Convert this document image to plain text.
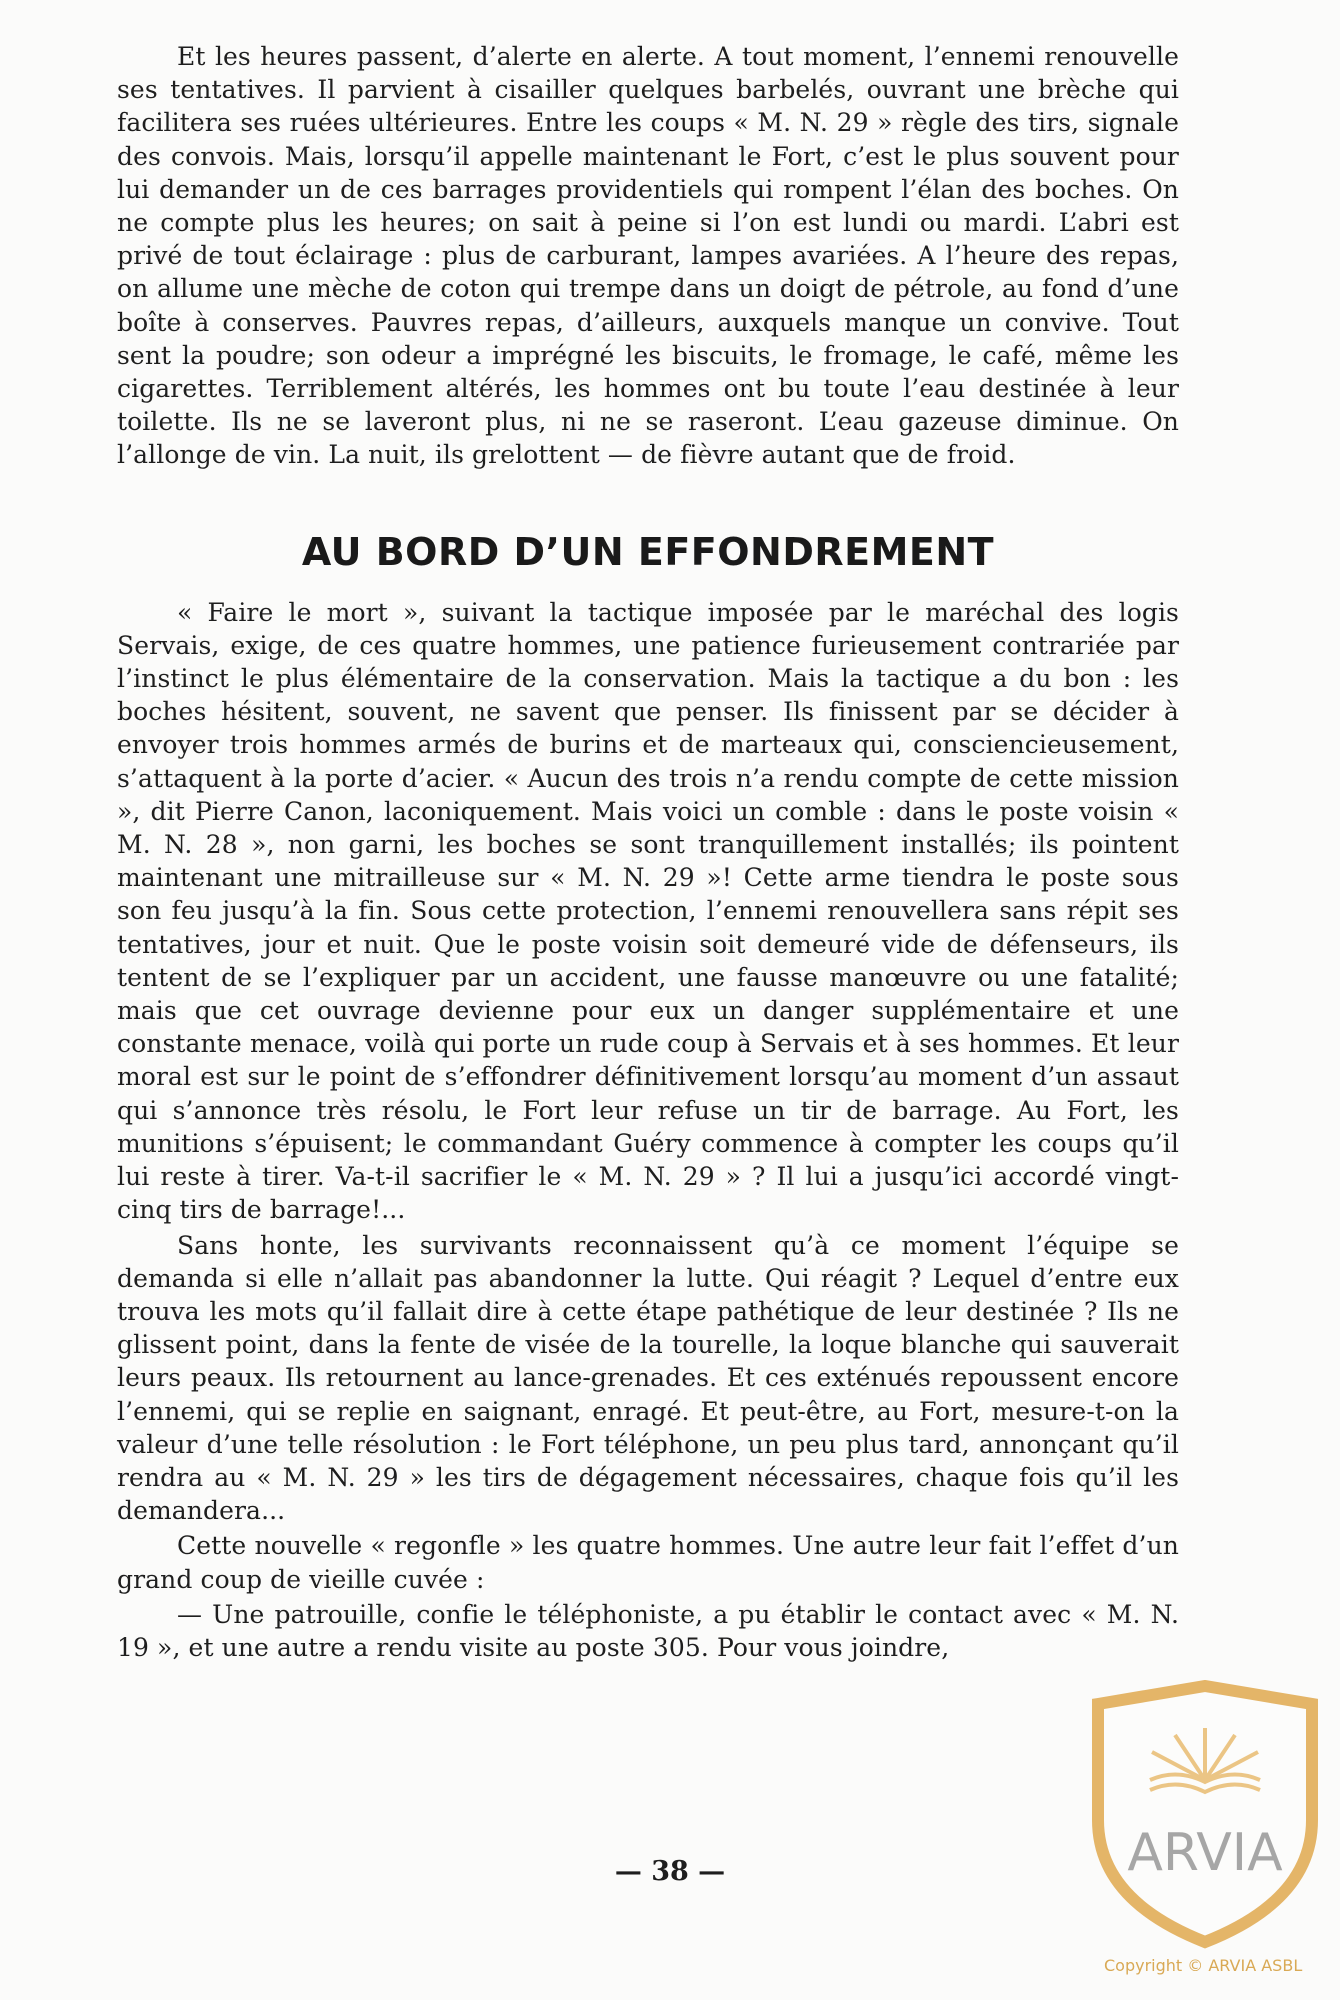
Et les heures passent, d’alerte en alerte. A tout moment, l’ennemi renouvelle ses tentatives. Il parvient à cisailler quelques barbelés, ouvrant une brèche qui facilitera ses ruées ultérieures. Entre les coups « M. N. 29 » règle des tirs, signale des convois. Mais, lorsqu’il appelle maintenant le Fort, c’est le plus souvent pour lui demander un de ces barrages providentiels qui rompent l’élan des boches. On ne compte plus les heures; on sait à peine si l’on est lundi ou mardi. L’abri est privé de tout éclairage : plus de carburant, lampes avariées. A l’heure des repas, on allume une mèche de coton qui trempe dans un doigt de pétrole, au fond d’une boîte à conserves. Pauvres repas, d’ailleurs, auxquels manque un convive. Tout sent la poudre; son odeur a imprégné les biscuits, le fromage, le café, même les cigarettes. Terriblement altérés, les hommes ont bu toute l’eau destinée à leur toilette. Ils ne se laveront plus, ni ne se raseront. L’eau gazeuse diminue. On l’allonge de vin. La nuit, ils grelottent — de fièvre autant que de froid.

AU BORD D’UN EFFONDREMENT

« Faire le mort », suivant la tactique imposée par le maréchal des logis Servais, exige, de ces quatre hommes, une patience furieusement contrariée par l’instinct le plus élémentaire de la conservation. Mais la tactique a du bon : les boches hésitent, souvent, ne savent que penser. Ils finissent par se décider à envoyer trois hommes armés de burins et de marteaux qui, consciencieusement, s’attaquent à la porte d’acier. « Aucun des trois n’a rendu compte de cette mission », dit Pierre Canon, laconiquement. Mais voici un comble : dans le poste voisin « M. N. 28 », non garni, les boches se sont tranquillement installés; ils pointent maintenant une mitrailleuse sur « M. N. 29 »! Cette arme tiendra le poste sous son feu jusqu’à la fin. Sous cette protection, l’ennemi renouvellera sans répit ses tentatives, jour et nuit. Que le poste voisin soit demeuré vide de défenseurs, ils tentent de se l’expliquer par un accident, une fausse manœuvre ou une fatalité; mais que cet ouvrage devienne pour eux un danger supplémentaire et une constante menace, voilà qui porte un rude coup à Servais et à ses hommes. Et leur moral est sur le point de s’effondrer définitivement lorsqu’au moment d’un assaut qui s’annonce très résolu, le Fort leur refuse un tir de barrage. Au Fort, les munitions s’épuisent; le commandant Guéry commence à compter les coups qu’il lui reste à tirer. Va-t-il sacrifier le « M. N. 29 » ? Il lui a jusqu’ici accordé vingt-cinq tirs de barrage!...

Sans honte, les survivants reconnaissent qu’à ce moment l’équipe se demanda si elle n’allait pas abandonner la lutte. Qui réagit ? Lequel d’entre eux trouva les mots qu’il fallait dire à cette étape pathétique de leur destinée ? Ils ne glissent point, dans la fente de visée de la tourelle, la loque blanche qui sauverait leurs peaux. Ils retournent au lance-grenades. Et ces exténués repoussent encore l’ennemi, qui se replie en saignant, enragé. Et peut-être, au Fort, mesure-t-on la valeur d’une telle résolution : le Fort téléphone, un peu plus tard, annonçant qu’il rendra au « M. N. 29 » les tirs de dégagement nécessaires, chaque fois qu’il les demandera...

Cette nouvelle « regonfle » les quatre hommes. Une autre leur fait l’effet d’un grand coup de vieille cuvée :

— Une patrouille, confie le téléphoniste, a pu établir le contact avec « M. N. 19 », et une autre a rendu visite au poste 305. Pour vous joindre,

— 38 —	ARVIA
Copyright © ARVIA ASBL
